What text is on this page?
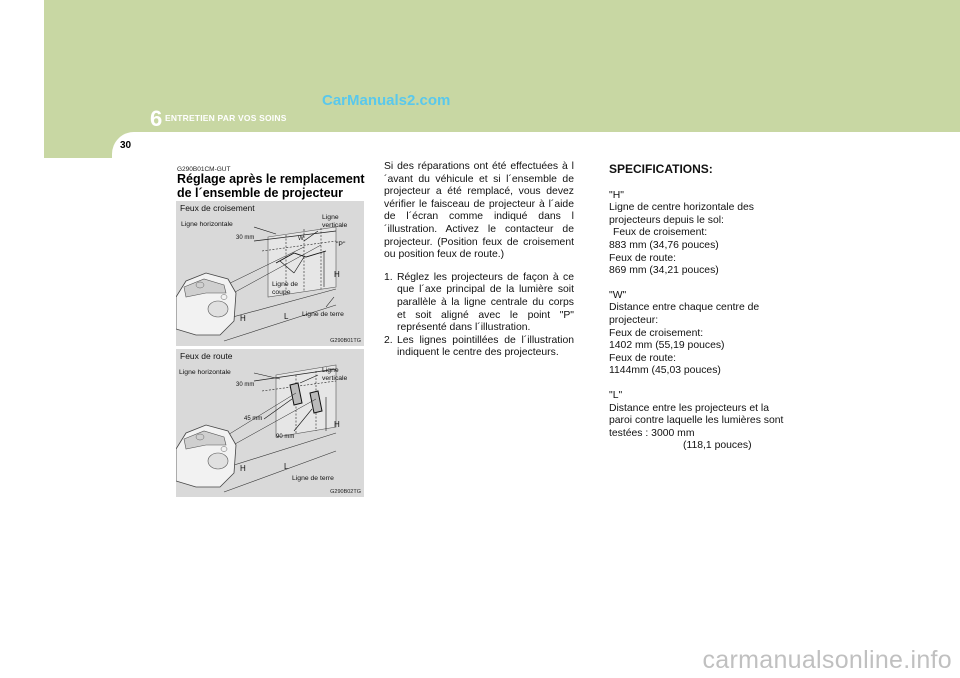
6 ENTRETIEN PAR VOS SOINS
CarManuals2.com
30
G290B01CM-GUT
Réglage après le remplacement de l´ensemble de projecteur
Feux de croisement
Ligne horizontale
30 mm
Ligne verticale
W
"P"
Ligne de coupe
H
Ligne de terre
H	L
G290B01TG
Feux de route
Ligne horizontale
30 mm
Ligne verticale
45 mm
90 mm
H
Ligne de terre
H	L
G290B02TG

Si des réparations ont été effectuées à l´avant du véhicule et si l´ensemble de projecteur a été remplacé, vous devez vérifier le faisceau de projecteur à l´aide de l´écran comme indiqué dans l´illustration. Activez le contacteur de projecteur. (Position feux de croisement ou position feux de route.)

1. Réglez les projecteurs de façon à ce que l´axe principal de la lumière soit parallèle à la ligne centrale du corps et soit aligné avec le point "P" représenté dans l´illustration.
2. Les lignes pointillées de l´illustration indiquent le centre des projecteurs.
SPECIFICATIONS:
"H"
Ligne de centre horizontale des projecteurs depuis le sol:
Feux de croisement:
883 mm (34,76 pouces)
Feux de route:
869 mm (34,21 pouces)
"W"
Distance entre chaque centre de projecteur:
Feux de croisement:
1402 mm (55,19 pouces)
Feux de route:
1144mm (45,03 pouces)
"L"
Distance entre les projecteurs et la paroi contre laquelle les lumières sont testées : 3000 mm
(118,1 pouces)
carmanualsonline.info
